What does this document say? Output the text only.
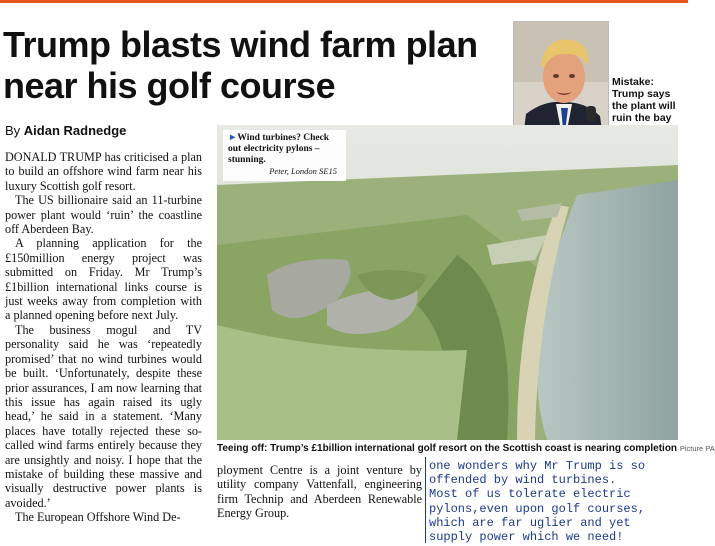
Trump blasts wind farm plan near his golf course
By Aidan Radnedge

DONALD TRUMP has criticised a plan to build an offshore wind farm near his luxury Scottish golf resort.

The US billionaire said an 11-turbine power plant would ‘ruin’ the coastline off Aberdeen Bay.

A planning application for the £150million energy project was submitted on Friday. Mr Trump’s £1billion international links course is just weeks away from completion with a planned opening before next July.

The business mogul and TV personality said he was ‘repeatedly promised’ that no wind turbines would be built. ‘Unfortunately, despite these prior assurances, I am now learning that this issue has again raised its ugly head,’ he said in a statement. ‘Many places have totally rejected these so-called wind farms entirely because they are unsightly and noisy. I hope that the mistake of building these massive and visually destructive power plants is avoided.’

The European Offshore Wind De-

Mistake: Trump says the plant will ruin the bay
►Wind turbines? Check out electricity pylons – stunning.
Peter, London SE15
Teeing off: Trump’s £1billion international golf resort on the Scottish coast is nearing completion Picture PA

ployment Centre is a joint venture by utility company Vattenfall, engineering firm Technip and Aberdeen Renewable Energy Group.

one wonders why Mr Trump is so
offended by wind turbines.
Most of us tolerate electric
pylons,even upon golf courses,
which are far uglier and yet
supply power which we need!
